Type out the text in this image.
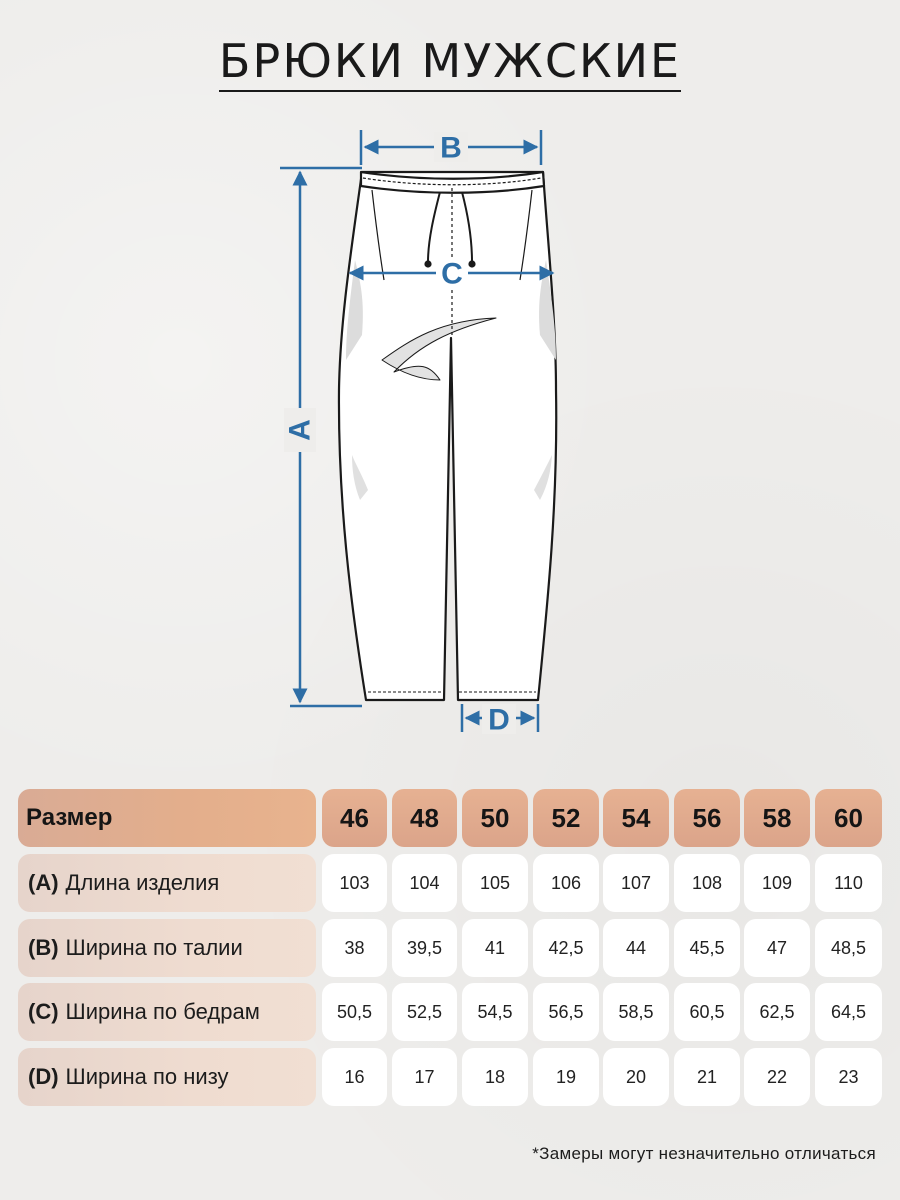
БРЮКИ МУЖСКИЕ
A
B
C
D
Размер	46	48	50	52	54	56	58	60
(A) Длина изделия	103	104	105	106	107	108	109	110
(B) Ширина по талии	38	39,5	41	42,5	44	45,5	47	48,5
(C) Ширина по бедрам	50,5	52,5	54,5	56,5	58,5	60,5	62,5	64,5
(D) Ширина по низу	16	17	18	19	20	21	22	23
*Замеры могут незначительно отличаться
